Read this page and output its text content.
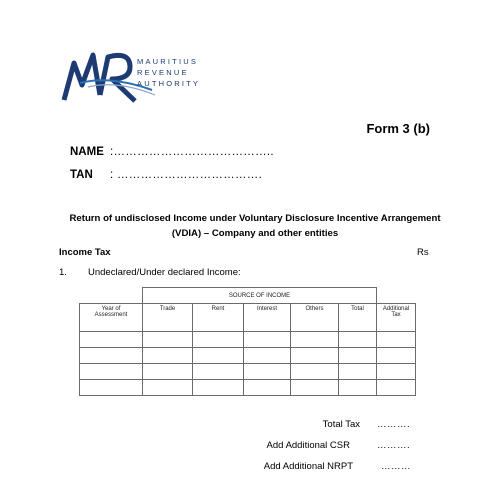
MAURITIUS
REVENUE
AUTHORITY
Form 3 (b)
NAME :…………………………………..
TAN : ……………………………….
Return of undisclosed Income under Voluntary Disclosure Incentive Arrangement
(VDIA) – Company and other entities
Income Tax	Rs
1. Undeclared/Under declared Income:
	SOURCE OF INCOME					

Year of Assessment	Trade	Rent	Interest	Others	Total	Additional Tax

Total Tax ……….
Add Additional CSR	……….
Add Additional NRPT	………
